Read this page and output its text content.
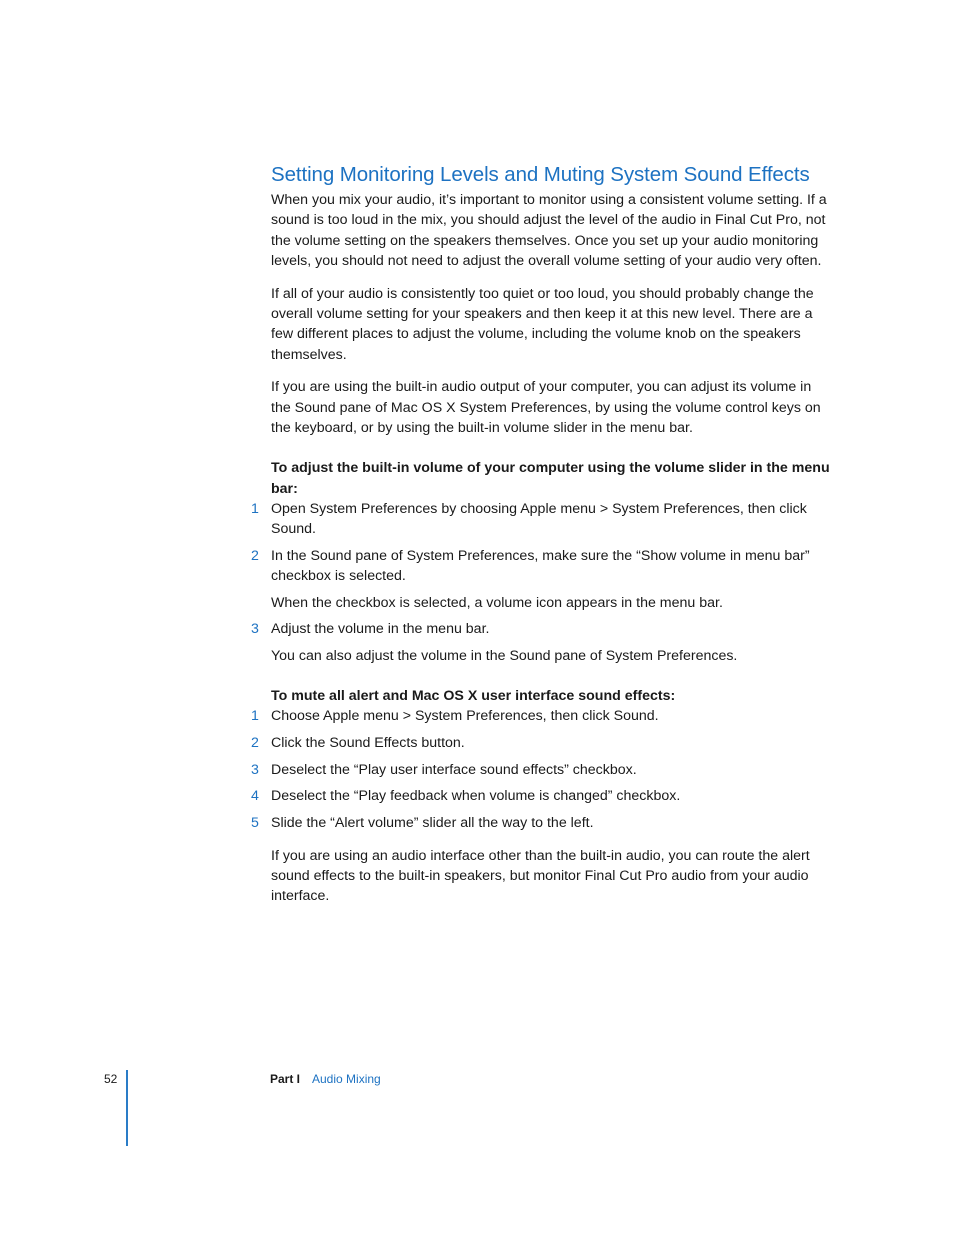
Setting Monitoring Levels and Muting System Sound Effects

When you mix your audio, it’s important to monitor using a consistent volume setting. If a sound is too loud in the mix, you should adjust the level of the audio in Final Cut Pro, not the volume setting on the speakers themselves. Once you set up your audio monitoring levels, you should not need to adjust the overall volume setting of your audio very often.

If all of your audio is consistently too quiet or too loud, you should probably change the overall volume setting for your speakers and then keep it at this new level. There are a few different places to adjust the volume, including the volume knob on the speakers themselves.

If you are using the built-in audio output of your computer, you can adjust its volume in the Sound pane of Mac OS X System Preferences, by using the volume control keys on the keyboard, or by using the built-in volume slider in the menu bar.

To adjust the built-in volume of your computer using the volume slider in the menu bar:

1 Open System Preferences by choosing Apple menu > System Preferences, then click Sound.

2 In the Sound pane of System Preferences, make sure the “Show volume in menu bar” checkbox is selected.

When the checkbox is selected, a volume icon appears in the menu bar.

3 Adjust the volume in the menu bar.

You can also adjust the volume in the Sound pane of System Preferences.

To mute all alert and Mac OS X user interface sound effects:

1 Choose Apple menu > System Preferences, then click Sound.

2 Click the Sound Effects button.

3 Deselect the “Play user interface sound effects” checkbox.

4 Deselect the “Play feedback when volume is changed” checkbox.

5 Slide the “Alert volume” slider all the way to the left.

If you are using an audio interface other than the built-in audio, you can route the alert sound effects to the built-in speakers, but monitor Final Cut Pro audio from your audio interface.

52	Part I Audio Mixing
